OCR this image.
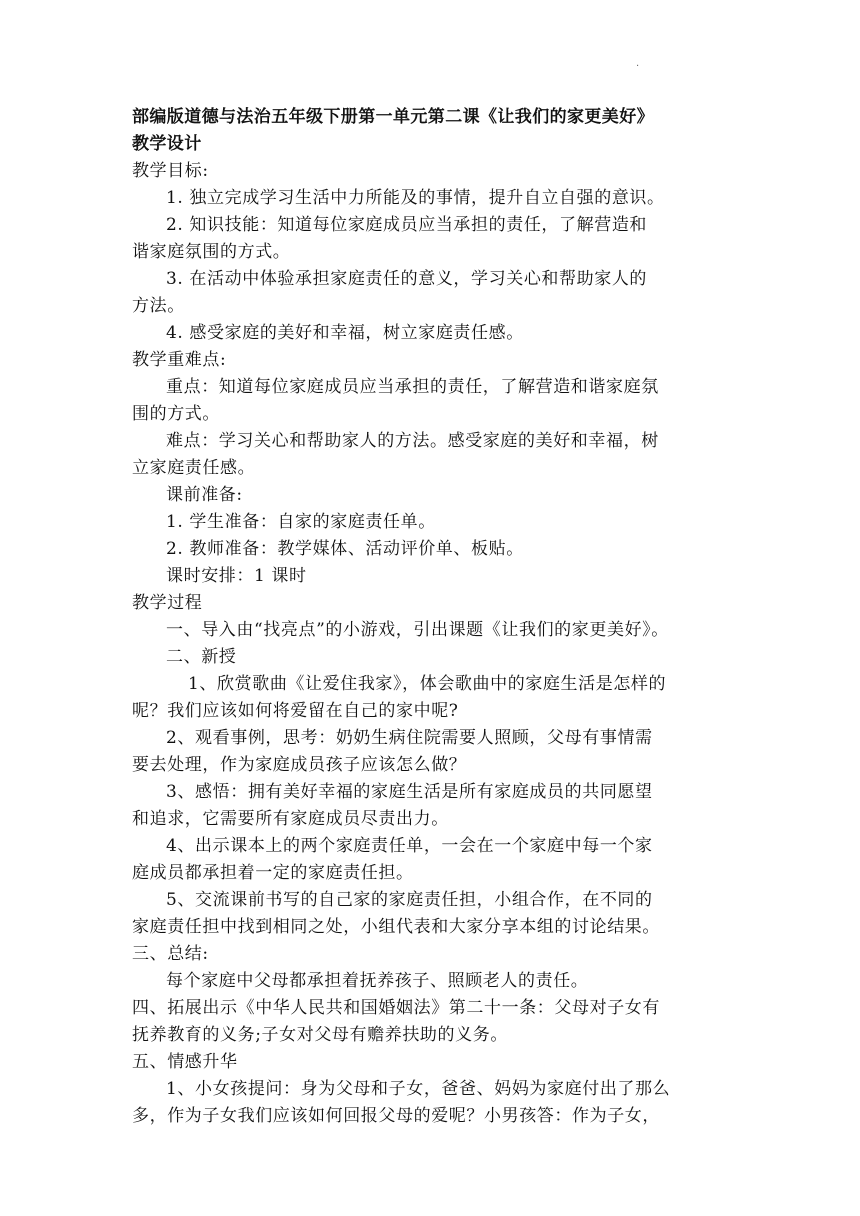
.
部编版道德与法治五年级下册第一单元第二课《让我们的家更美好》
教学设计
教学目标:
1. 独立完成学习生活中力所能及的事情，提升自立自强的意识。
2. 知识技能：知道每位家庭成员应当承担的责任，了解营造和
谐家庭氛围的方式。
3. 在活动中体验承担家庭责任的意义，学习关心和帮助家人的
方法。
4. 感受家庭的美好和幸福，树立家庭责任感。
教学重难点:
重点：知道每位家庭成员应当承担的责任，了解营造和谐家庭氛
围的方式。
难点：学习关心和帮助家人的方法。感受家庭的美好和幸福，树
立家庭责任感。
课前准备:
1. 学生准备：自家的家庭责任单。
2. 教师准备：教学媒体、活动评价单、板贴。
课时安排：1 课时
教学过程
一、导入由“找亮点”的小游戏，引出课题《让我们的家更美好》。
二、新授
1、欣赏歌曲《让爱住我家》，体会歌曲中的家庭生活是怎样的
呢？我们应该如何将爱留在自己的家中呢?
2、观看事例，思考：奶奶生病住院需要人照顾，父母有事情需
要去处理，作为家庭成员孩子应该怎么做？
3、感悟：拥有美好幸福的家庭生活是所有家庭成员的共同愿望
和追求，它需要所有家庭成员尽责出力。
4、出示课本上的两个家庭责任单，一会在一个家庭中每一个家
庭成员都承担着一定的家庭责任担。
5、交流课前书写的自己家的家庭责任担，小组合作，在不同的
家庭责任担中找到相同之处，小组代表和大家分享本组的讨论结果。
三、总结:
每个家庭中父母都承担着抚养孩子、照顾老人的责任。
四、拓展出示《中华人民共和国婚姻法》第二十一条：父母对子女有
抚养教育的义务;子女对父母有赡养扶助的义务。
五、情感升华
1、小女孩提问：身为父母和子女，爸爸、妈妈为家庭付出了那么
多，作为子女我们应该如何回报父母的爱呢？小男孩答：作为子女，
